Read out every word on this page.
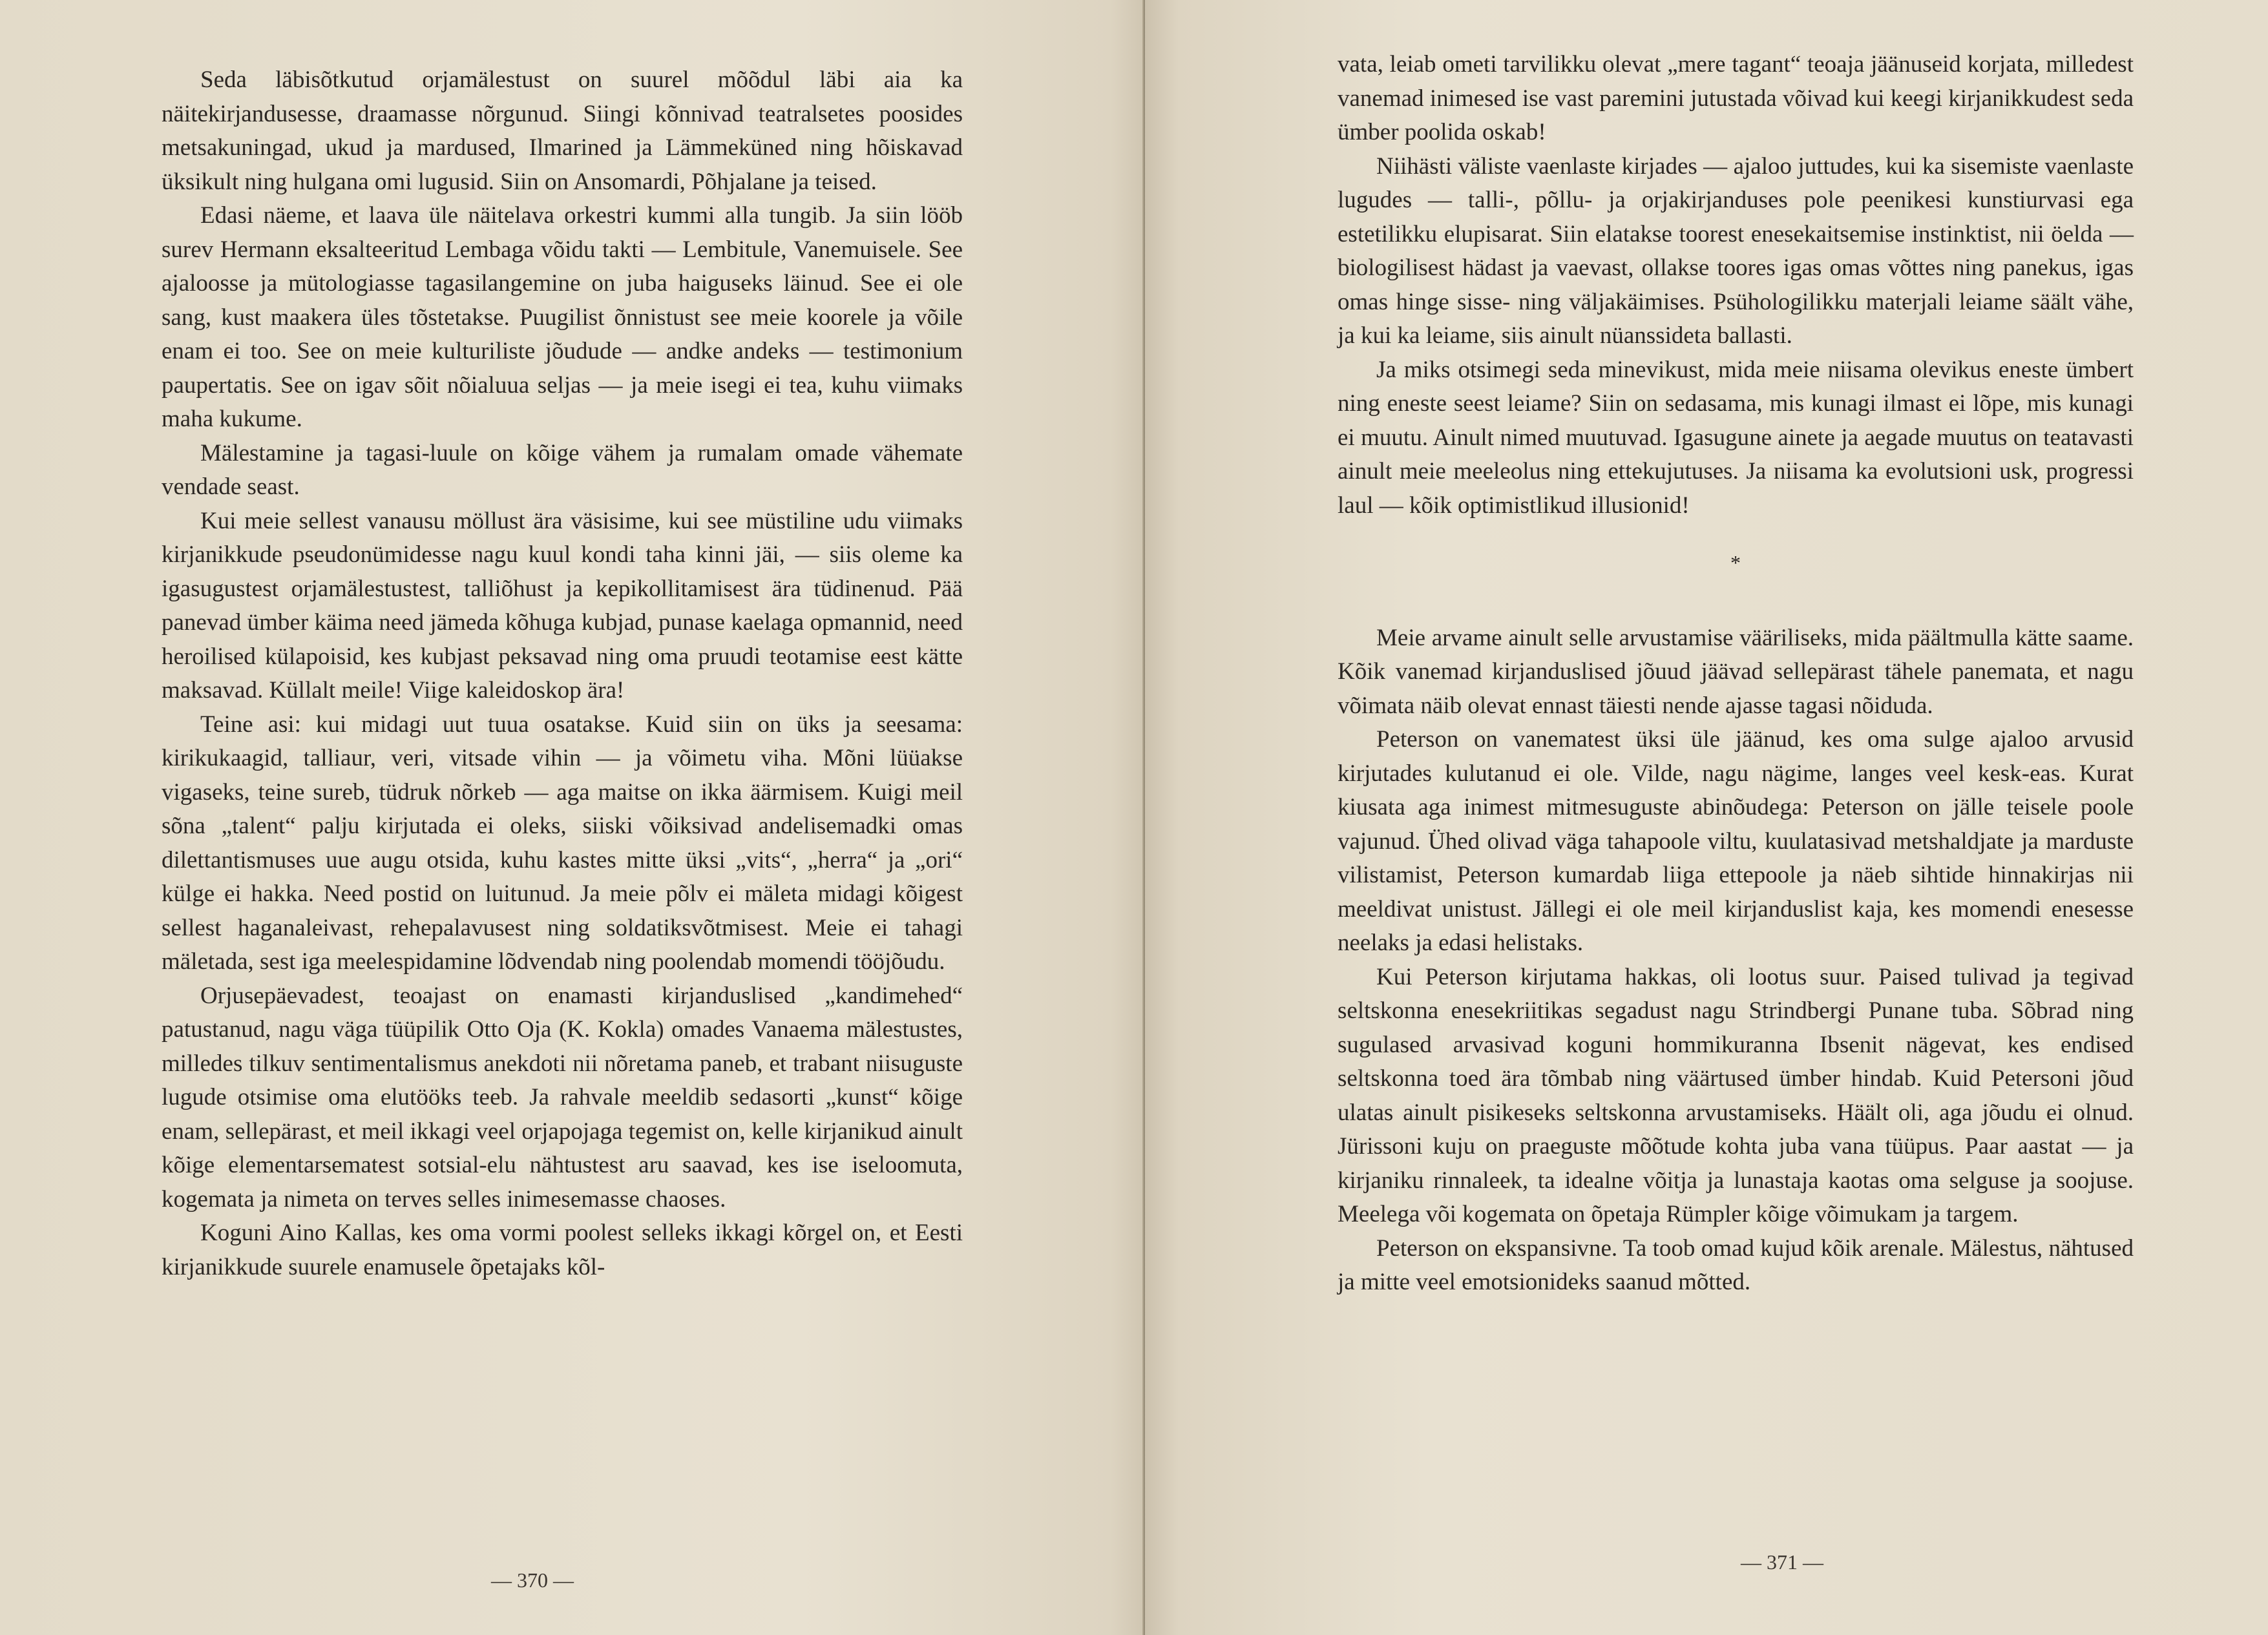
Seda läbisõtkutud orjamälestust on suurel mõõdul läbi aia ka näitekirjandusesse, draamasse nõrgunud. Siingi kõnnivad teatralsetes poosides metsakuningad, ukud ja mardused, Ilmarined ja Lämmeküned ning hõiskavad üksikult ning hulgana omi lugusid. Siin on Ansomardi, Põhjalane ja teised.

Edasi näeme, et laava üle näitelava orkestri kummi alla tungib. Ja siin lööb surev Hermann eksalteeritud Lembaga võidu takti — Lembitule, Vanemuisele. See ajaloosse ja mütologiasse tagasilangemine on juba haiguseks läinud. See ei ole sang, kust maakera üles tõstetakse. Puugilist õnnistust see meie koorele ja võile enam ei too. See on meie kulturiliste jõudude — andke andeks — testimonium paupertatis. See on igav sõit nõialuua seljas — ja meie isegi ei tea, kuhu viimaks maha kukume.

Mälestamine ja tagasi-luule on kõige vähem ja rumalam omade vähemate vendade seast.

Kui meie sellest vanausu möllust ära väsisime, kui see müstiline udu viimaks kirjanikkude pseudonümidesse nagu kuul kondi taha kinni jäi, — siis oleme ka igasugustest orjamälestustest, talliõhust ja kepikollitamisest ära tüdinenud. Pää panevad ümber käima need jämeda kõhuga kubjad, punase kaelaga opmannid, need heroilised külapoisid, kes kubjast peksavad ning oma pruudi teotamise eest kätte maksavad. Küllalt meile! Viige kaleidoskop ära!

Teine asi: kui midagi uut tuua osatakse. Kuid siin on üks ja seesama: kirikukaagid, talliaur, veri, vitsade vihin — ja võimetu viha. Mõni lüüakse vigaseks, teine sureb, tüdruk nõrkeb — aga maitse on ikka äärmisem. Kuigi meil sõna „talent“ palju kirjutada ei oleks, siiski võiksivad andelisemadki omas dilettantismuses uue augu otsida, kuhu kastes mitte üksi „vits“, „herra“ ja „ori“ külge ei hakka. Need postid on luitunud. Ja meie põlv ei mäleta midagi kõigest sellest haganaleivast, rehepalavusest ning soldatiksvõtmisest. Meie ei tahagi mäletada, sest iga meelespidamine lõdvendab ning poolendab momendi tööjõudu.

Orjusepäevadest, teoajast on enamasti kirjanduslised „kandimehed“ patustanud, nagu väga tüüpilik Otto Oja (K. Kokla) omades Vanaema mälestustes, milledes tilkuv sentimentalismus anekdoti nii nõretama paneb, et trabant niisuguste lugude otsimise oma elutööks teeb. Ja rahvale meeldib sedasorti „kunst“ kõige enam, sellepärast, et meil ikkagi veel orjapojaga tegemist on, kelle kirjanikud ainult kõige elementarsematest sotsial-elu nähtustest aru saavad, kes ise iseloomuta, kogemata ja nimeta on terves selles inimesemasse chaoses.

Koguni Aino Kallas, kes oma vormi poolest selleks ikkagi kõrgel on, et Eesti kirjanikkude suurele enamusele õpetajaks kõl-

— 370 —

vata, leiab ometi tarvilikku olevat „mere tagant“ teoaja jäänuseid korjata, milledest vanemad inimesed ise vast paremini jutustada võivad kui keegi kirjanikkudest seda ümber poolida oskab!

Niihästi väliste vaenlaste kirjades — ajaloo juttudes, kui ka sisemiste vaenlaste lugudes — talli-, põllu- ja orjakirjanduses pole peenikesi kunstiurvasi ega estetilikku elupisarat. Siin elatakse toorest enesekaitsemise instinktist, nii öelda — biologilisest hädast ja vaevast, ollakse toores igas omas võttes ning panekus, igas omas hinge sisse- ning väljakäimises. Psühologilikku materjali leiame säält vähe, ja kui ka leiame, siis ainult nüanssideta ballasti.

Ja miks otsimegi seda minevikust, mida meie niisama olevikus eneste ümbert ning eneste seest leiame? Siin on sedasama, mis kunagi ilmast ei lõpe, mis kunagi ei muutu. Ainult nimed muutuvad. Igasugune ainete ja aegade muutus on teatavasti ainult meie meeleolus ning ettekujutuses. Ja niisama ka evolutsioni usk, progressi laul — kõik optimistlikud illusionid!

*

Meie arvame ainult selle arvustamise vääriliseks, mida päältmulla kätte saame. Kõik vanemad kirjanduslised jõuud jäävad sellepärast tähele panemata, et nagu võimata näib olevat ennast täiesti nende ajasse tagasi nõiduda.

Peterson on vanematest üksi üle jäänud, kes oma sulge ajaloo arvusid kirjutades kulutanud ei ole. Vilde, nagu nägime, langes veel kesk-eas. Kurat kiusata aga inimest mitmesuguste abinõudega: Peterson on jälle teisele poole vajunud. Ühed olivad väga tahapoole viltu, kuulatasivad metshaldjate ja marduste vilistamist, Peterson kumardab liiga ettepoole ja näeb sihtide hinnakirjas nii meeldivat unistust. Jällegi ei ole meil kirjanduslist kaja, kes momendi enesesse neelaks ja edasi helistaks.

Kui Peterson kirjutama hakkas, oli lootus suur. Paised tulivad ja tegivad seltskonna enesekriitikas segadust nagu Strindbergi Punane tuba. Sõbrad ning sugulased arvasivad koguni hommikuranna Ibsenit nägevat, kes endised seltskonna toed ära tõmbab ning väärtused ümber hindab. Kuid Petersoni jõud ulatas ainult pisikeseks seltskonna arvustamiseks. Häält oli, aga jõudu ei olnud. Jürissoni kuju on praeguste mõõtude kohta juba vana tüüpus. Paar aastat — ja kirjaniku rinnaleek, ta idealne võitja ja lunastaja kaotas oma selguse ja soojuse. Meelega või kogemata on õpetaja Rümpler kõige võimukam ja targem.

Peterson on ekspansivne. Ta toob omad kujud kõik arenale. Mälestus, nähtused ja mitte veel emotsionideks saanud mõtted.

— 371 —
